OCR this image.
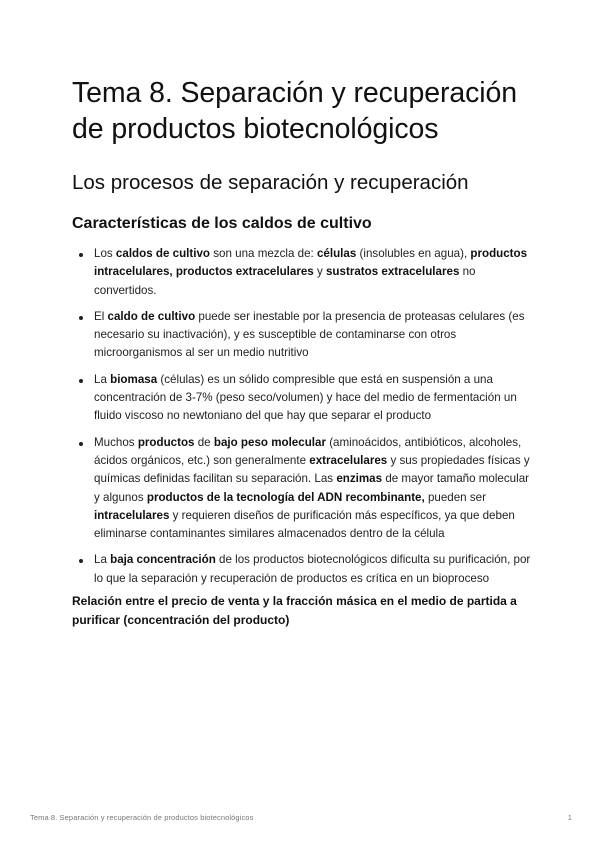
Tema 8. Separación y recuperación de productos biotecnológicos
Los procesos de separación y recuperación
Características de los caldos de cultivo
Los caldos de cultivo son una mezcla de: células (insolubles en agua), productos intracelulares, productos extracelulares y sustratos extracelulares no convertidos.
El caldo de cultivo puede ser inestable por la presencia de proteasas celulares (es necesario su inactivación), y es susceptible de contaminarse con otros microorganismos al ser un medio nutritivo
La biomasa (células) es un sólido compresible que está en suspensión a una concentración de 3-7% (peso seco/volumen) y hace del medio de fermentación un fluido viscoso no newtoniano del que hay que separar el producto
Muchos productos de bajo peso molecular (aminoácidos, antibióticos, alcoholes, ácidos orgánicos, etc.) son generalmente extracelulares y sus propiedades físicas y químicas definidas facilitan su separación. Las enzimas de mayor tamaño molecular y algunos productos de la tecnología del ADN recombinante, pueden ser intracelulares y requieren diseños de purificación más específicos, ya que deben eliminarse contaminantes similares almacenados dentro de la célula
La baja concentración de los productos biotecnológicos dificulta su purificación, por lo que la separación y recuperación de productos es crítica en un bioproceso

Relación entre el precio de venta y la fracción másica en el medio de partida a purificar (concentración del producto)

Tema 8. Separación y recuperación de productos biotecnológicos	1
